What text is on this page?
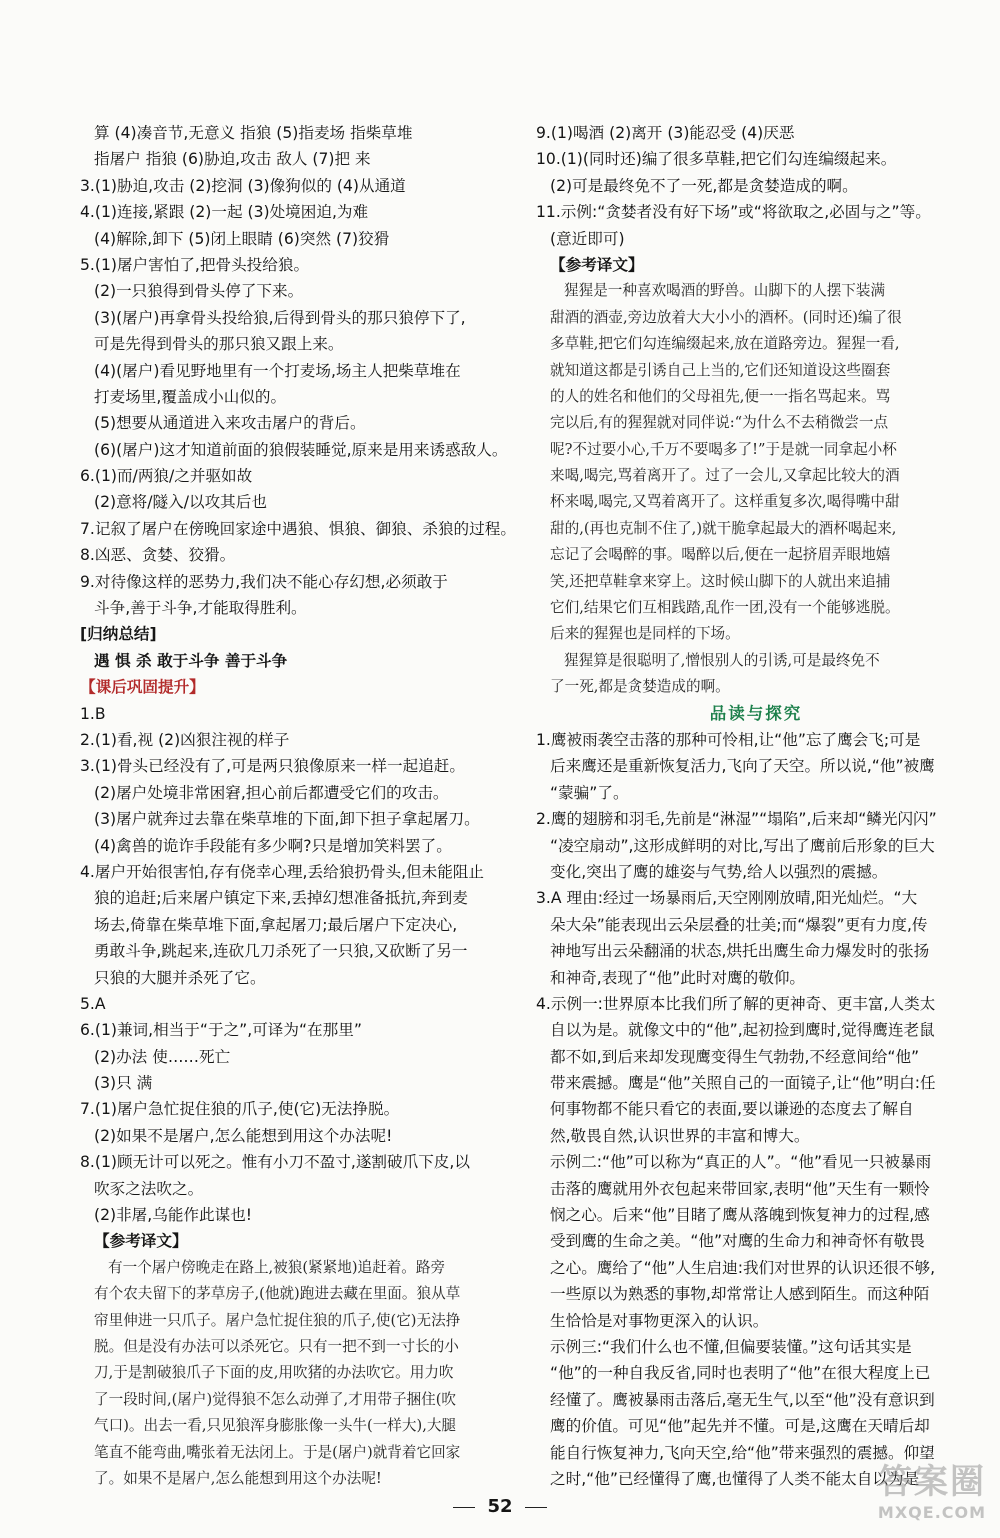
算 (4)凑音节,无意义 指狼 (5)指麦场 指柴草堆
指屠户 指狼 (6)胁迫,攻击 敌人 (7)把 来
3.(1)胁迫,攻击 (2)挖洞 (3)像狗似的 (4)从通道
4.(1)连接,紧跟 (2)一起 (3)处境困迫,为难
(4)解除,卸下 (5)闭上眼睛 (6)突然 (7)狡猾
5.(1)屠户害怕了,把骨头投给狼。
(2)一只狼得到骨头停了下来。
(3)(屠户)再拿骨头投给狼,后得到骨头的那只狼停下了,
可是先得到骨头的那只狼又跟上来。
(4)(屠户)看见野地里有一个打麦场,场主人把柴草堆在
打麦场里,覆盖成小山似的。
(5)想要从通道进入来攻击屠户的背后。
(6)(屠户)这才知道前面的狼假装睡觉,原来是用来诱惑敌人。
6.(1)而/两狼/之并驱如故
(2)意将/隧入/以攻其后也
7.记叙了屠户在傍晚回家途中遇狼、惧狼、御狼、杀狼的过程。
8.凶恶、贪婪、狡猾。
9.对待像这样的恶势力,我们决不能心存幻想,必须敢于
斗争,善于斗争,才能取得胜利。
[归纳总结]
遇 惧 杀 敢于斗争 善于斗争
【课后巩固提升】
1.B
2.(1)看,视 (2)凶狠注视的样子
3.(1)骨头已经没有了,可是两只狼像原来一样一起追赶。
(2)屠户处境非常困窘,担心前后都遭受它们的攻击。
(3)屠户就奔过去靠在柴草堆的下面,卸下担子拿起屠刀。
(4)禽兽的诡诈手段能有多少啊?只是增加笑料罢了。
4.屠户开始很害怕,存有侥幸心理,丢给狼扔骨头,但未能阻止
狼的追赶;后来屠户镇定下来,丢掉幻想准备抵抗,奔到麦
场去,倚靠在柴草堆下面,拿起屠刀;最后屠户下定决心,
勇敢斗争,跳起来,连砍几刀杀死了一只狼,又砍断了另一
只狼的大腿并杀死了它。
5.A
6.(1)兼词,相当于“于之”,可译为“在那里”
(2)办法 使……死亡
(3)只 满
7.(1)屠户急忙捉住狼的爪子,使(它)无法挣脱。
(2)如果不是屠户,怎么能想到用这个办法呢!
8.(1)顾无计可以死之。惟有小刀不盈寸,遂割破爪下皮,以
吹豕之法吹之。
(2)非屠,乌能作此谋也!
【参考译文】
有一个屠户傍晚走在路上,被狼(紧紧地)追赶着。路旁
有个农夫留下的茅草房子,(他就)跑进去藏在里面。狼从草
帘里伸进一只爪子。屠户急忙捉住狼的爪子,使(它)无法挣
脱。但是没有办法可以杀死它。只有一把不到一寸长的小
刀,于是割破狼爪子下面的皮,用吹猪的办法吹它。用力吹
了一段时间,(屠户)觉得狼不怎么动弹了,才用带子捆住(吹
气口)。出去一看,只见狼浑身膨胀像一头牛(一样大),大腿
笔直不能弯曲,嘴张着无法闭上。于是(屠户)就背着它回家
了。如果不是屠户,怎么能想到用这个办法呢!
9.(1)喝酒 (2)离开 (3)能忍受 (4)厌恶
10.(1)(同时还)编了很多草鞋,把它们勾连编缀起来。
(2)可是最终免不了一死,都是贪婪造成的啊。
11.示例:“贪婪者没有好下场”或“将欲取之,必固与之”等。
(意近即可)
【参考译文】
猩猩是一种喜欢喝酒的野兽。山脚下的人摆下装满
甜酒的酒壶,旁边放着大大小小的酒杯。(同时还)编了很
多草鞋,把它们勾连编缀起来,放在道路旁边。猩猩一看,
就知道这都是引诱自己上当的,它们还知道设这些圈套
的人的姓名和他们的父母祖先,便一一指名骂起来。骂
完以后,有的猩猩就对同伴说:“为什么不去稍微尝一点
呢?不过要小心,千万不要喝多了!”于是就一同拿起小杯
来喝,喝完,骂着离开了。过了一会儿,又拿起比较大的酒
杯来喝,喝完,又骂着离开了。这样重复多次,喝得嘴中甜
甜的,(再也克制不住了,)就干脆拿起最大的酒杯喝起来,
忘记了会喝醉的事。喝醉以后,便在一起挤眉弄眼地嬉
笑,还把草鞋拿来穿上。这时候山脚下的人就出来追捕
它们,结果它们互相践踏,乱作一团,没有一个能够逃脱。
后来的猩猩也是同样的下场。
猩猩算是很聪明了,憎恨别人的引诱,可是最终免不
了一死,都是贪婪造成的啊。
品读与探究
1.鹰被雨袭空击落的那种可怜相,让“他”忘了鹰会飞;可是
后来鹰还是重新恢复活力,飞向了天空。所以说,“他”被鹰
“蒙骗”了。
2.鹰的翅膀和羽毛,先前是“淋湿”“塌陷”,后来却“鳞光闪闪”
“凌空扇动”,这形成鲜明的对比,写出了鹰前后形象的巨大
变化,突出了鹰的雄姿与气势,给人以强烈的震撼。
3.A 理由:经过一场暴雨后,天空刚刚放晴,阳光灿烂。“大
朵大朵”能表现出云朵层叠的壮美;而“爆裂”更有力度,传
神地写出云朵翻涌的状态,烘托出鹰生命力爆发时的张扬
和神奇,表现了“他”此时对鹰的敬仰。
4.示例一:世界原本比我们所了解的更神奇、更丰富,人类太
自以为是。就像文中的“他”,起初捡到鹰时,觉得鹰连老鼠
都不如,到后来却发现鹰变得生气勃勃,不经意间给“他”
带来震撼。鹰是“他”关照自己的一面镜子,让“他”明白:任
何事物都不能只看它的表面,要以谦逊的态度去了解自
然,敬畏自然,认识世界的丰富和博大。
示例二:“他”可以称为“真正的人”。“他”看见一只被暴雨
击落的鹰就用外衣包起来带回家,表明“他”天生有一颗怜
悯之心。后来“他”目睹了鹰从落魄到恢复神力的过程,感
受到鹰的生命之美。“他”对鹰的生命力和神奇怀有敬畏
之心。鹰给了“他”人生启迪:我们对世界的认识还很不够,
一些原以为熟悉的事物,却常常让人感到陌生。而这种陌
生恰恰是对事物更深入的认识。
示例三:“我们什么也不懂,但偏要装懂。”这句话其实是
“他”的一种自我反省,同时也表明了“他”在很大程度上已
经懂了。鹰被暴雨击落后,毫无生气,以至“他”没有意识到
鹰的价值。可见“他”起先并不懂。可是,这鹰在天晴后却
能自行恢复神力,飞向天空,给“他”带来强烈的震撼。仰望
之时,“他”已经懂得了鹰,也懂得了人类不能太自以为是
52
答案圈
MXQE.COM
